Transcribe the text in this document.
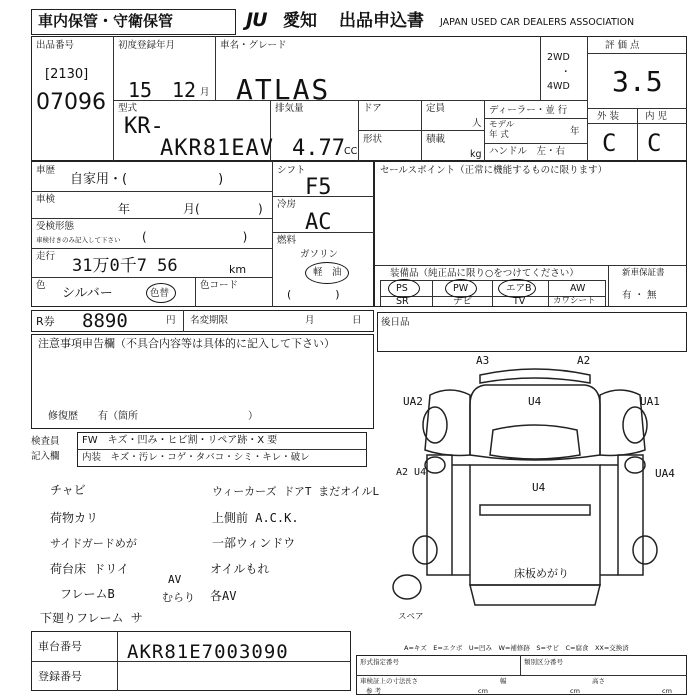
車内保管・守衛保管	JU 愛知 出品申込書 JAPAN USED CAR DEALERS ASSOCIATION
出品番号
[2130]
07096
初度登録年月
15 12 月
車名・グレード
ATLAS
2WD
・
4WD
評 価 点
3.5
外 装	内 児
C C
型式
KR-
AKR81EAV
排気量
4.77 CC
ドア
形状
定員
人
積載
kg
ディーラー・並 行
モデル
年 式	年
ハンドル　左・右
車歴
自家用・(　　　　　　　)
車検
年	月(	)
受検形態
車検付きのみ記入して下さい (　　　　　　　　)
走行 31万0千7 56	km
色
シルバー	色替
色コード
シフト
F5
冷房
AC
燃料
ガソリン
軽　油
(　　　　)
セールスポイント（正常に機能するものに限ります）
装備品（純正品に限り○をつけてください）
PS	PW	エアB	AW
SR	ナビ	TV	カワシート
新車保証書
有 ・ 無
R券 8890	円 名変期限	月	日 後日品
注意事項申告欄（不具合内容等は具体的に記入して下さい）
修復歴　　有（箇所　　　　　　　　　　　）
検査員
記入欄
FW　キズ・凹み・ヒビ割・リペア跡・X 要
内装　キズ・汚レ・コゲ・タバコ・シミ・キレ・破レ
チャビ
荷物カリ
サイドガードめが
荷台床 ドリイ
フレームB
下廻りフレーム サ
AV
むらり
ウィーカーズ ドアT まだオイルL
上側前 A.C.K.
一部ウィンドウ
オイルもれ
各AV
A3	A2
UA2	U4	UA1
A2 U4
U4
UA4
床板めがり
スペア
車台番号 AKR81E7003090
登録番号
A=キズ　E=エクボ　U=凹み　W=補修跡　S=サビ　C=腐食　XX=交換済
形式指定番号	類別区分番号
車検証上の寸法
参 考
長さ	幅	高さ
cm	cm	cm
